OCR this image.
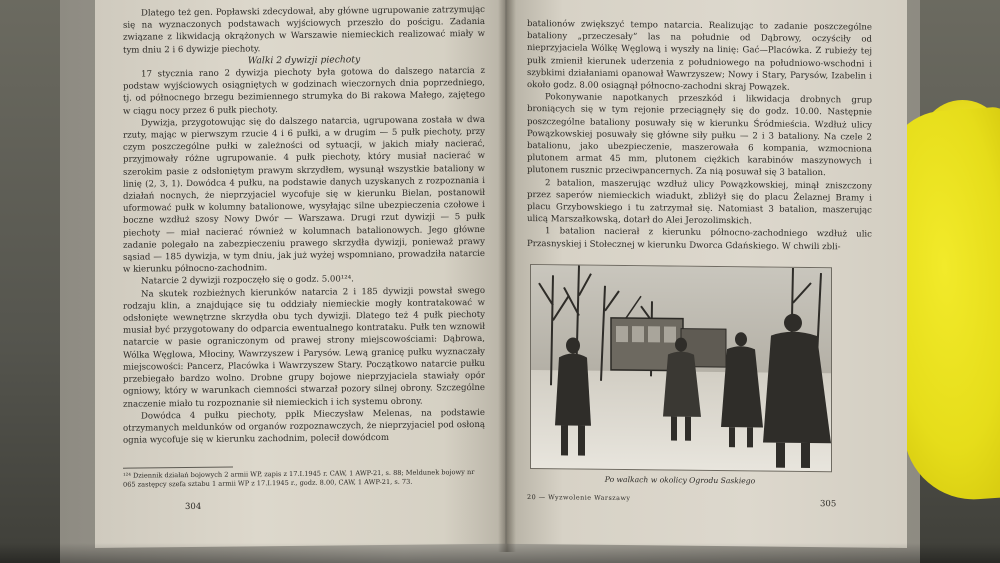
Dlatego też gen. Popławski zdecydował, aby główne ugrupowanie zatrzymując się na wyznaczonych podstawach wyjściowych przeszło do pościgu. Zadania związane z likwidacją okrążonych w Warszawie niemieckich realizować miały w tym dniu 2 i 6 dywizje piechoty.

Walki 2 dywizji piechoty

17 stycznia rano 2 dywizja piechoty była gotowa do dalszego natarcia z podstaw wyjściowych osiągniętych w godzinach wieczornych dnia poprzedniego, tj. od północnego brzegu bezimiennego strumyka do Bi rakowa Małego, zajętego w ciągu nocy przez 6 pułk piechoty.

Dywizja, przygotowując się do dalszego natarcia, ugrupowana została w dwa rzuty, mając w pierwszym rzucie 4 i 6 pułki, a w drugim — 5 pułk piechoty, przy czym poszczególne pułki w zależności od sytuacji, w jakich miały nacierać, przyjmowały różne ugrupowanie. 4 pułk piechoty, który musiał nacierać w szerokim pasie z odsłoniętym prawym skrzydłem, wysunął wszystkie bataliony w linię (2, 3, 1). Dowódca 4 pułku, na podstawie danych uzyskanych z rozpoznania i działań nocnych, że nieprzyjaciel wycofuje się w kierunku Bielan, postanowił uformować pułk w kolumny batalionowe, wysyłając silne ubezpieczenia czołowe i boczne wzdłuż szosy Nowy Dwór — Warszawa. Drugi rzut dywizji — 5 pułk piechoty — miał nacierać również w kolumnach batalionowych. Jego główne zadanie polegało na zabezpieczeniu prawego skrzydła dywizji, ponieważ prawy sąsiad — 185 dywizja, w tym dniu, jak już wyżej wspomniano, prowadziła natarcie w kierunku północno-zachodnim.

Natarcie 2 dywizji rozpoczęło się o godz. 5.00¹²⁴.

Na skutek rozbieżnych kierunków natarcia 2 i 185 dywizji powstał swego rodzaju klin, a znajdujące się tu oddziały niemieckie mogły kontratakować w odsłonięte wewnętrzne skrzydła obu tych dywizji. Dlatego też 4 pułk piechoty musiał być przygotowany do odparcia ewentualnego kontrataku. Pułk ten wznowił natarcie w pasie ograniczonym od prawej strony miejscowościami: Dąbrowa, Wólka Węglowa, Młociny, Wawrzyszew i Parysów. Lewą granicę pułku wyznaczały miejscowości: Pancerz, Placówka i Wawrzyszew Stary. Początkowo natarcie pułku przebiegało bardzo wolno. Drobne grupy bojowe nieprzyjaciela stawiały opór ogniowy, który w warunkach ciemności stwarzał pozory silnej obrony. Szczególne znaczenie miało tu rozpoznanie sił niemieckich i ich systemu obrony.

Dowódca 4 pułku piechoty, ppłk Mieczysław Melenas, na podstawie otrzymanych meldunków od organów rozpoznawczych, że nieprzyjaciel pod osłoną ognia wycofuje się w kierunku zachodnim, polecił dowódcom

¹²⁴ Dziennik działań bojowych 2 armii WP, zapis z 17.I.1945 r. CAW, 1 AWP-21, s. 88; Meldunek bojowy nr 065 zastępcy szefa sztabu 1 armii WP z 17.I.1945 r., godz. 8.00, CAW, 1 AWP-21, s. 73.

304

batalionów zwiększyć tempo natarcia. Realizując to zadanie poszczególne bataliony „przeczesały” las na południe od Dąbrowy, oczyściły od nieprzyjaciela Wólkę Węglową i wyszły na linię: Gać—Placówka. Z rubieży tej pułk zmienił kierunek uderzenia z południowego na południowo-wschodni i szybkimi działaniami opanował Wawrzyszew; Nowy i Stary, Parysów, Izabelin i około godz. 8.00 osiągnął północno-zachodni skraj Powązek.

Pokonywanie napotkanych przeszkód i likwidacja drobnych grup broniących się w tym rejonie przeciągnęły się do godz. 10.00. Następnie poszczególne bataliony posuwały się w kierunku Śródmieścia. Wzdłuż ulicy Powązkowskiej posuwały się główne siły pułku — 2 i 3 bataliony. Na czele 2 batalionu, jako ubezpieczenie, maszerowała 6 kompania, wzmocniona plutonem armat 45 mm, plutonem ciężkich karabinów maszynowych i plutonem rusznic przeciwpancernych. Za nią posuwał się 3 batalion.

2 batalion, maszerując wzdłuż ulicy Powązkowskiej, minął zniszczony przez saperów niemieckich wiadukt, zbliżył się do placu Żelaznej Bramy i placu Grzybowskiego i tu zatrzymał się. Natomiast 3 batalion, maszerując ulicą Marszałkowską, dotarł do Alei Jerozolimskich.

1 batalion nacierał z kierunku północno-zachodniego wzdłuż ulic Przasnyskiej i Stołecznej w kierunku Dworca Gdańskiego. W chwili zbli-

Po walkach w okolicy Ogrodu Saskiego
20 — Wyzwolenie Warszawy
305
